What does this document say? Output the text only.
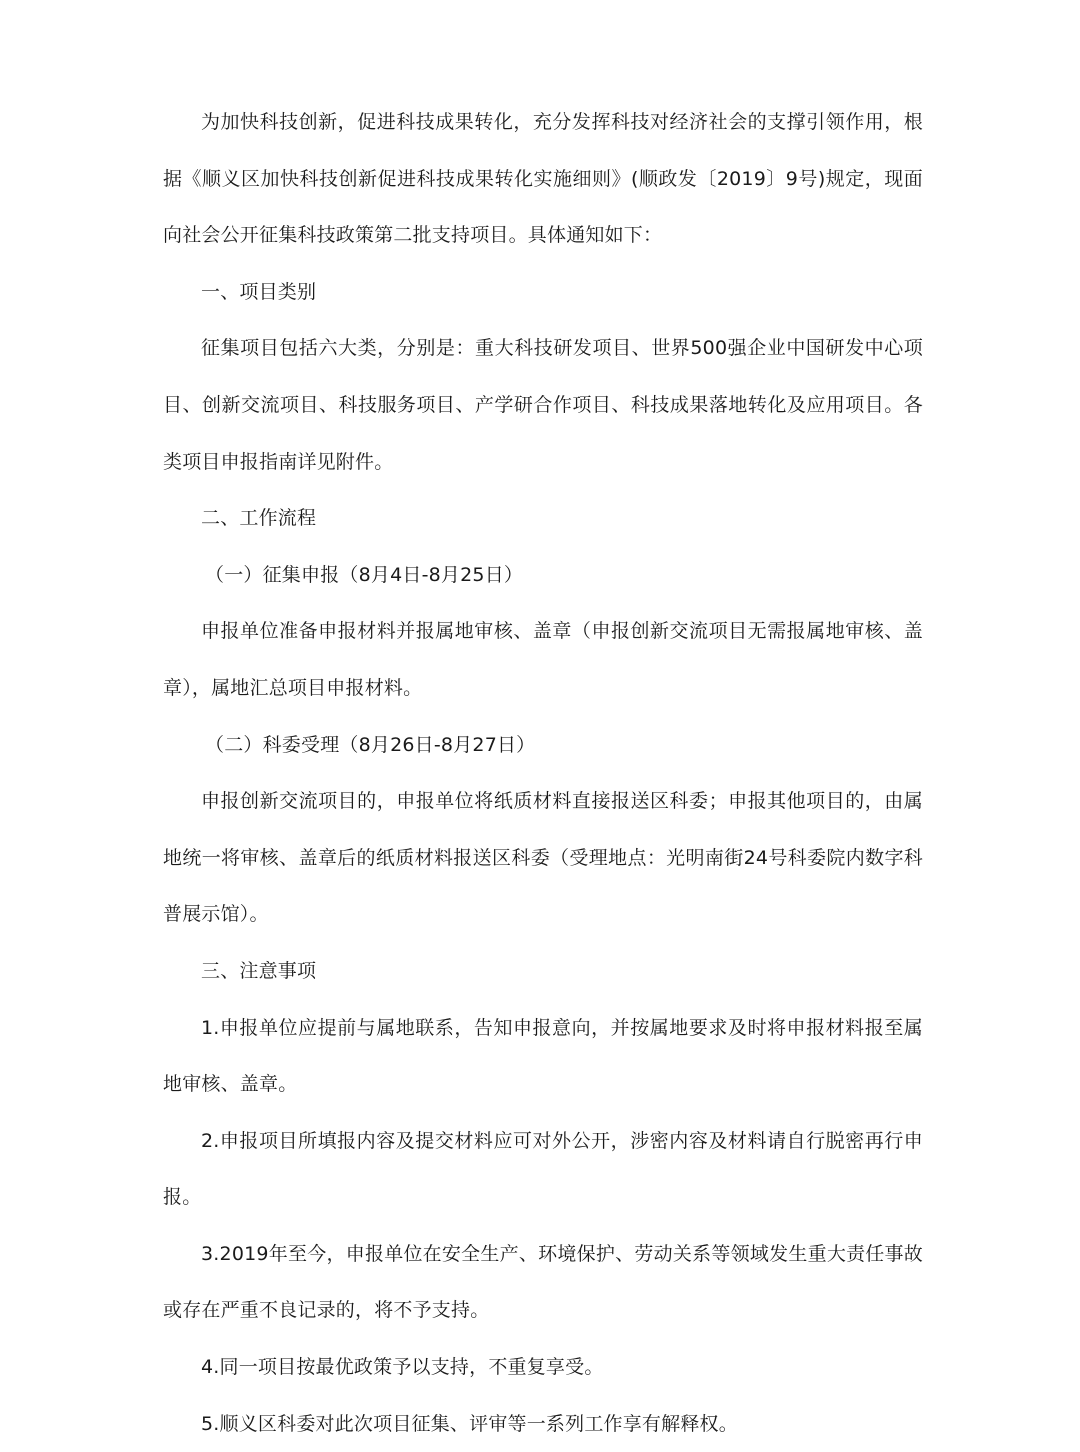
为加快科技创新，促进科技成果转化，充分发挥科技对经济社会的支撑引领作用，根据《顺义区加快科技创新促进科技成果转化实施细则》(顺政发〔2019〕9号)规定，现面向社会公开征集科技政策第二批支持项目。具体通知如下：

一、项目类别

征集项目包括六大类，分别是：重大科技研发项目、世界500强企业中国研发中心项目、创新交流项目、科技服务项目、产学研合作项目、科技成果落地转化及应用项目。各类项目申报指南详见附件。

二、工作流程

（一）征集申报（8月4日-8月25日）

申报单位准备申报材料并报属地审核、盖章（申报创新交流项目无需报属地审核、盖章），属地汇总项目申报材料。

（二）科委受理（8月26日-8月27日）

申报创新交流项目的，申报单位将纸质材料直接报送区科委；申报其他项目的，由属地统一将审核、盖章后的纸质材料报送区科委（受理地点：光明南街24号科委院内数字科普展示馆）。

三、注意事项

1.申报单位应提前与属地联系，告知申报意向，并按属地要求及时将申报材料报至属地审核、盖章。

2.申报项目所填报内容及提交材料应可对外公开，涉密内容及材料请自行脱密再行申报。

3.2019年至今，申报单位在安全生产、环境保护、劳动关系等领域发生重大责任事故或存在严重不良记录的，将不予支持。

4.同一项目按最优政策予以支持，不重复享受。

5.顺义区科委对此次项目征集、评审等一系列工作享有解释权。
